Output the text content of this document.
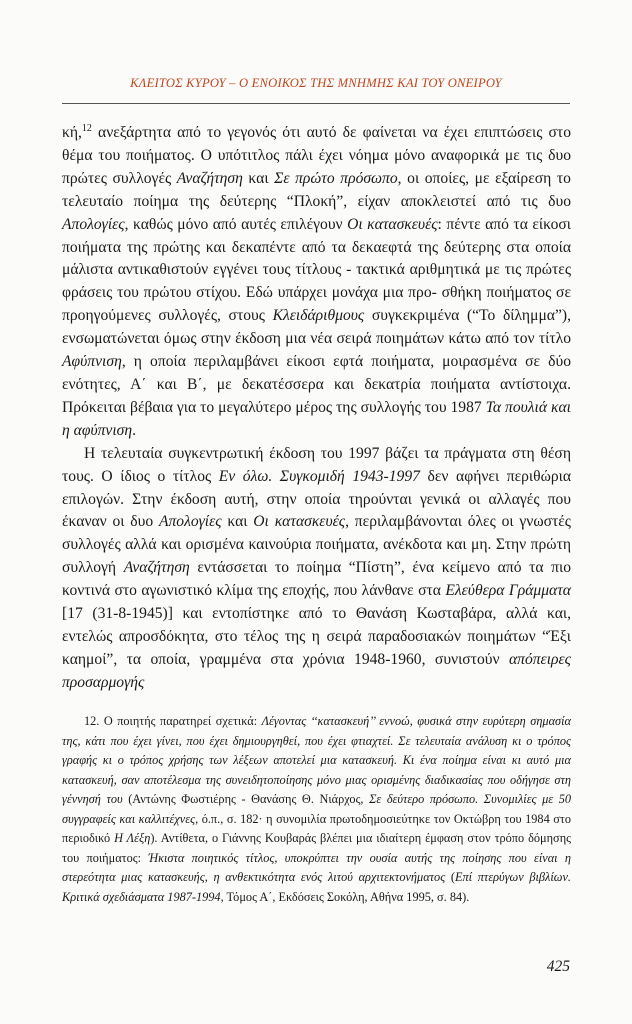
ΚΛΕΙΤΟΣ ΚΥΡΟΥ – Ο ΕΝΟΙΚΟΣ ΤΗΣ ΜΝΗΜΗΣ ΚΑΙ ΤΟΥ ΟΝΕΙΡΟΥ

κή,$^{12}$ ανεξάρτητα από το γεγονός ότι αυτό δε φαίνεται να έχει επιπτώσεις στο θέμα του ποιήματος. Ο υπότιτλος πάλι έχει νόημα μόνο αναφορικά με τις δυο πρώτες συλλογές Αναζήτηση και Σε πρώτο πρόσωπο, οι οποίες, με εξαίρεση το τελευταίο ποίημα της δεύτερης “Πλοκή”, είχαν αποκλειστεί από τις δυο Απολογίες, καθώς μόνο από αυτές επιλέγουν Οι κατασκευές: πέντε από τα είκοσι ποιήματα της πρώτης και δεκαπέντε από τα δεκαεφτά της δεύτερης στα οποία μάλιστα αντικαθιστούν εγγένει τους τίτλους - τακτικά αριθμητικά με τις πρώτες φράσεις του πρώτου στίχου. Εδώ υπάρχει μονάχα μια προ- σθήκη ποιήματος σε προηγούμενες συλλογές, στους Κλειδάριθμους συγκεκριμένα (“Το δίλημμα”), ενσωματώνεται όμως στην έκδοση μια νέα σειρά ποιημάτων κάτω από τον τίτλο Αφύπνιση, η οποία περιλαμβάνει είκοσι εφτά ποιήματα, μοιρασμένα σε δύο ενότητες, Α΄ και Β΄, με δεκατέσσερα και δεκατρία ποιήματα αντίστοιχα. Πρόκειται βέβαια για το μεγαλύτερο μέρος της συλλογής του 1987 Τα πουλιά και η αφύπνιση.

Η τελευταία συγκεντρωτική έκδοση του 1997 βάζει τα πράγματα στη θέση τους. Ο ίδιος ο τίτλος Εν όλω. Συγκομιδή 1943-1997 δεν αφήνει περιθώρια επιλογών. Στην έκδοση αυτή, στην οποία τηρούνται γενικά οι αλλαγές που έκαναν οι δυο Απολογίες και Οι κατασκευές, περιλαμβάνονται όλες οι γνωστές συλλογές αλλά και ορισμένα καινούρια ποιήματα, ανέκδοτα και μη. Στην πρώτη συλλογή Αναζήτηση εντάσσεται το ποίημα “Πίστη”, ένα κείμενο από τα πιο κοντινά στο αγωνιστικό κλίμα της εποχής, που λάνθανε στα Ελεύθερα Γράμματα [17 (31-8-1945)] και εντοπίστηκε από το Θανάση Κωσταβάρα, αλλά και, εντελώς απροσδόκητα, στο τέλος της η σειρά παραδοσιακών ποιημάτων “Έξι καημοί”, τα οποία, γραμμένα στα χρόνια 1948-1960, συνιστούν απόπειρες προσαρμογής

12. Ο ποιητής παρατηρεί σχετικά: Λέγοντας ‘‘κατασκευή’’ εννοώ, φυσικά στην ευρύτερη σημασία της, κάτι που έχει γίνει, που έχει δημιουργηθεί, που έχει φτιαχτεί. Σε τελευταία ανάλυση κι ο τρόπος γραφής κι ο τρόπος χρήσης των λέξεων αποτελεί μια κατασκευή. Κι ένα ποίημα είναι κι αυτό μια κατασκευή, σαν αποτέλεσμα της συνειδητοποίησης μόνο μιας ορισμένης διαδικασίας που οδήγησε στη γέννησή του (Αντώνης Φωστιέρης - Θανάσης Θ. Νιάρχος, Σε δεύτερο πρόσωπο. Συνομιλίες με 50 συγγραφείς και καλλιτέχνες, ό.π., σ. 182· η συνομιλία πρωτοδημοσιεύτηκε τον Οκτώβρη του 1984 στο περιοδικό Η Λέξη). Αντίθετα, ο Γιάννης Κουβαράς βλέπει μια ιδιαίτερη έμφαση στον τρόπο δόμησης του ποιήματος: Ήκιστα ποιητικός τίτλος, υποκρύπτει την ουσία αυτής της ποίησης που είναι η στερεότητα μιας κατασκευής, η ανθεκτικότητα ενός λιτού αρχιτεκτονήματος (Επί πτερύγων βιβλίων. Κριτικά σχεδιάσματα 1987-1994, Τόμος Α΄, Εκδόσεις Σοκόλη, Αθήνα 1995, σ. 84).

425
